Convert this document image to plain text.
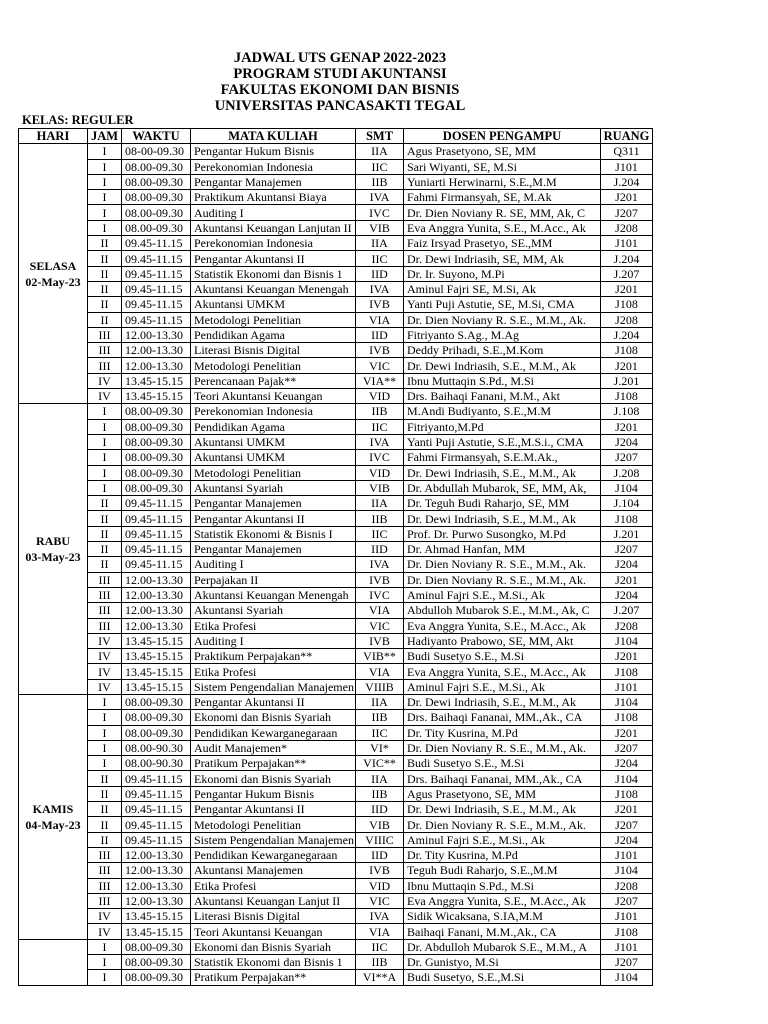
JADWAL UTS GENAP 2022-2023
PROGRAM STUDI AKUNTANSI
FAKULTAS EKONOMI DAN BISNIS
UNIVERSITAS PANCASAKTI TEGAL
KELAS: REGULER
HARI	JAM	WAKTU	MATA KULIAH	SMT	DOSEN PENGAMPU	RUANG

SELASA
02-May-23	I	08-00-09.30	Pengantar Hukum Bisnis	IIA	Agus Prasetyono, SE, MM	Q311
	I	08.00-09.30	Perekonomian Indonesia	IIC	Sari Wiyanti, SE, M.Si	J101
	I	08.00-09.30	Pengantar Manajemen	IIB	Yuniarti Herwinarni, S.E.,M.M	J.204
	I	08.00-09.30	Praktikum Akuntansi Biaya	IVA	Fahmi Firmansyah, SE, M.Ak	J201
	I	08.00-09.30	Auditing I	IVC	Dr. Dien Noviany R. SE, MM, Ak, C	J207
	I	08.00-09.30	Akuntansi Keuangan Lanjutan II	VIB	Eva Anggra Yunita, S.E., M.Acc., Ak	J208
	II	09.45-11.15	Perekonomian Indonesia	IIA	Faiz Irsyad Prasetyo, SE.,MM	J101
	II	09.45-11.15	Pengantar Akuntansi II	IIC	Dr. Dewi Indriasih, SE, MM, Ak	J.204
	II	09.45-11.15	Statistik Ekonomi dan Bisnis 1	IID	Dr. Ir. Suyono, M.Pi	J.207
	II	09.45-11.15	Akuntansi Keuangan Menengah	IVA	Aminul Fajri SE, M.Si, Ak	J201
	II	09.45-11.15	Akuntansi UMKM	IVB	Yanti Puji Astutie, SE, M.Si, CMA	J108
	II	09.45-11.15	Metodologi Penelitian	VIA	Dr. Dien Noviany R. S.E., M.M., Ak.	J208
	III	12.00-13.30	Pendidikan Agama	IID	Fitriyanto S.Ag., M.Ag	J.204
	III	12.00-13.30	Literasi Bisnis Digital	IVB	Deddy Prihadi, S.E.,M.Kom	J108
	III	12.00-13.30	Metodologi Penelitian	VIC	Dr. Dewi Indriasih, S.E., M.M., Ak	J201
	IV	13.45-15.15	Perencanaan Pajak**	VIA**	Ibnu Muttaqin S.Pd., M.Si	J.201
	IV	13.45-15.15	Teori Akuntansi Keuangan	VID	Drs. Baihaqi Fanani, M.M., Akt	J108

RABU
03-May-23	I	08.00-09.30	Perekonomian Indonesia	IIB	M.Andi Budiyanto, S.E.,M.M	J.108
	I	08.00-09.30	Pendidikan Agama	IIC	Fitriyanto,M.Pd	J201
	I	08.00-09.30	Akuntansi UMKM	IVA	Yanti Puji Astutie, S.E.,M.S.i., CMA	J204
	I	08.00-09.30	Akuntansi UMKM	IVC	Fahmi Firmansyah, S.E.M.Ak.,	J207
	I	08.00-09.30	Metodologi Penelitian	VID	Dr. Dewi Indriasih, S.E., M.M., Ak	J.208
	I	08.00-09.30	Akuntansi Syariah	VIB	Dr. Abdullah Mubarok, SE, MM, Ak,	J104
	II	09.45-11.15	Pengantar Manajemen	IIA	Dr. Teguh Budi Raharjo, SE, MM	J.104
	II	09.45-11.15	Pengantar Akuntansi II	IIB	Dr. Dewi Indriasih, S.E., M.M., Ak	J108
	II	09.45-11.15	Statistik Ekonomi & Bisnis I	IIC	Prof. Dr. Purwo Susongko, M.Pd	J.201
	II	09.45-11.15	Pengantar Manajemen	IID	Dr. Ahmad Hanfan, MM	J207
	II	09.45-11.15	Auditing I	IVA	Dr. Dien Noviany R. S.E., M.M., Ak.	J204
	III	12.00-13.30	Perpajakan II	IVB	Dr. Dien Noviany R. S.E., M.M., Ak.	J201
	III	12.00-13.30	Akuntansi Keuangan Menengah	IVC	Aminul Fajri S.E., M.Si., Ak	J204
	III	12.00-13.30	Akuntansi Syariah	VIA	Abdulloh Mubarok S.E., M.M., Ak, C	J.207
	III	12.00-13.30	Etika Profesi	VIC	Eva Anggra Yunita, S.E., M.Acc., Ak	J208
	IV	13.45-15.15	Auditing I	IVB	Hadiyanto Prabowo, SE, MM, Akt	J104
	IV	13.45-15.15	Praktikum Perpajakan**	VIB**	Budi Susetyo S.E., M.Si	J201
	IV	13.45-15.15	Etika Profesi	VIA	Eva Anggra Yunita, S.E., M.Acc., Ak	J108
	IV	13.45-15.15	Sistem Pengendalian Manajemen	VIIIB	Aminul Fajri S.E., M.Si., Ak	J101

KAMIS
04-May-23	I	08.00-09.30	Pengantar Akuntansi II	IIA	Dr. Dewi Indriasih, S.E., M.M., Ak	J104
	I	08.00-09.30	Ekonomi dan Bisnis Syariah	IIB	Drs. Baihaqi Fananai, MM.,Ak., CA	J108
	I	08.00-09.30	Pendidikan Kewarganegaraan	IIC	Dr. Tity Kusrina, M.Pd	J201
	I	08.00-90.30	Audit Manajemen*	VI*	Dr. Dien Noviany R. S.E., M.M., Ak.	J207
	I	08.00-90.30	Pratikum Perpajakan**	VIC**	Budi Susetyo S.E., M.Si	J204
	II	09.45-11.15	Ekonomi dan Bisnis Syariah	IIA	Drs. Baihaqi Fananai, MM.,Ak., CA	J104
	II	09.45-11.15	Pengantar Hukum Bisnis	IIB	Agus Prasetyono, SE, MM	J108
	II	09.45-11.15	Pengantar Akuntansi II	IID	Dr. Dewi Indriasih, S.E., M.M., Ak	J201
	II	09.45-11.15	Metodologi Penelitian	VIB	Dr. Dien Noviany R. S.E., M.M., Ak.	J207
	II	09.45-11.15	Sistem Pengendalian Manajemen	VIIIC	Aminul Fajri S.E., M.Si., Ak	J204
	III	12.00-13.30	Pendidikan Kewarganegaraan	IID	Dr. Tity Kusrina, M.Pd	J101
	III	12.00-13.30	Akuntansi Manajemen	IVB	Teguh Budi Raharjo, S.E.,M.M	J104
	III	12.00-13.30	Etika Profesi	VID	Ibnu Muttaqin S.Pd., M.Si	J208
	III	12.00-13.30	Akuntansi Keuangan Lanjut II	VIC	Eva Anggra Yunita, S.E., M.Acc., Ak	J207
	IV	13.45-15.15	Literasi Bisnis Digital	IVA	Sidik Wicaksana, S.IA,M.M	J101
	IV	13.45-15.15	Teori Akuntansi Keuangan	VIA	Baihaqi Fanani, M.M.,Ak., CA	J108

	I	08.00-09.30	Ekonomi dan Bisnis Syariah	IIC	Dr. Abdulloh Mubarok S.E., M.M., A	J101
	I	08.00-09.30	Statistik Ekonomi dan Bisnis 1	IIB	Dr. Gunistyo, M.Si	J207
	I	08.00-09.30	Pratikum Perpajakan**	VI**A	Budi Susetyo, S.E.,M.Si	J104
